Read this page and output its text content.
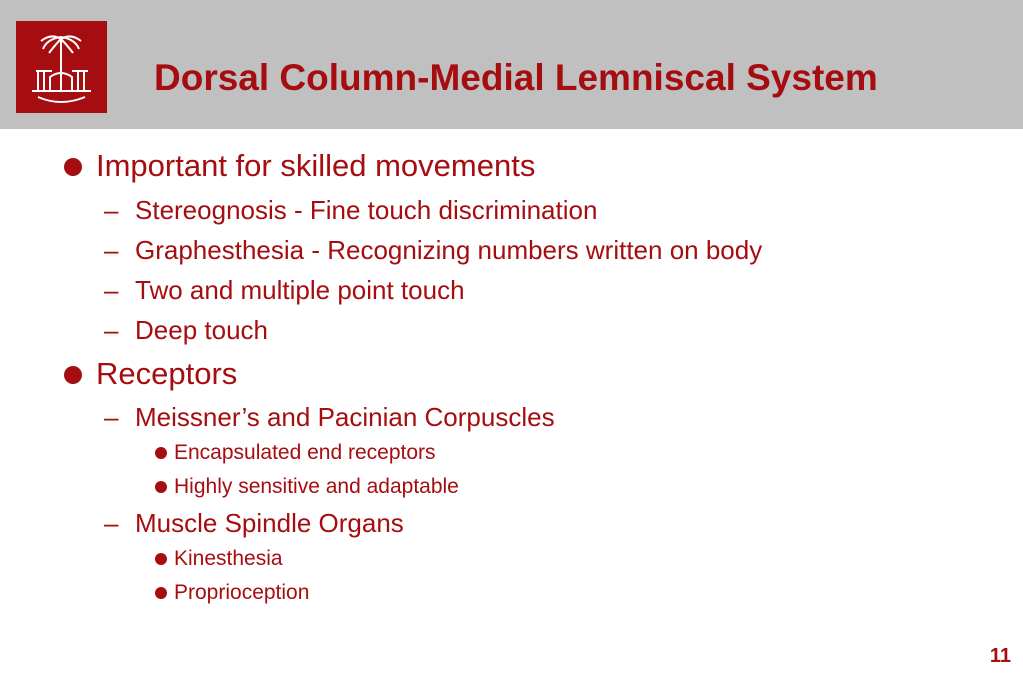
Dorsal Column-Medial Lemniscal System
Important for skilled movements
– Stereognosis - Fine touch discrimination
– Graphesthesia - Recognizing numbers written on body
– Two and multiple point touch
– Deep touch
Receptors
– Meissner’s and Pacinian Corpuscles
Encapsulated end receptors
Highly sensitive and adaptable
– Muscle Spindle Organs
Kinesthesia
Proprioception
11
